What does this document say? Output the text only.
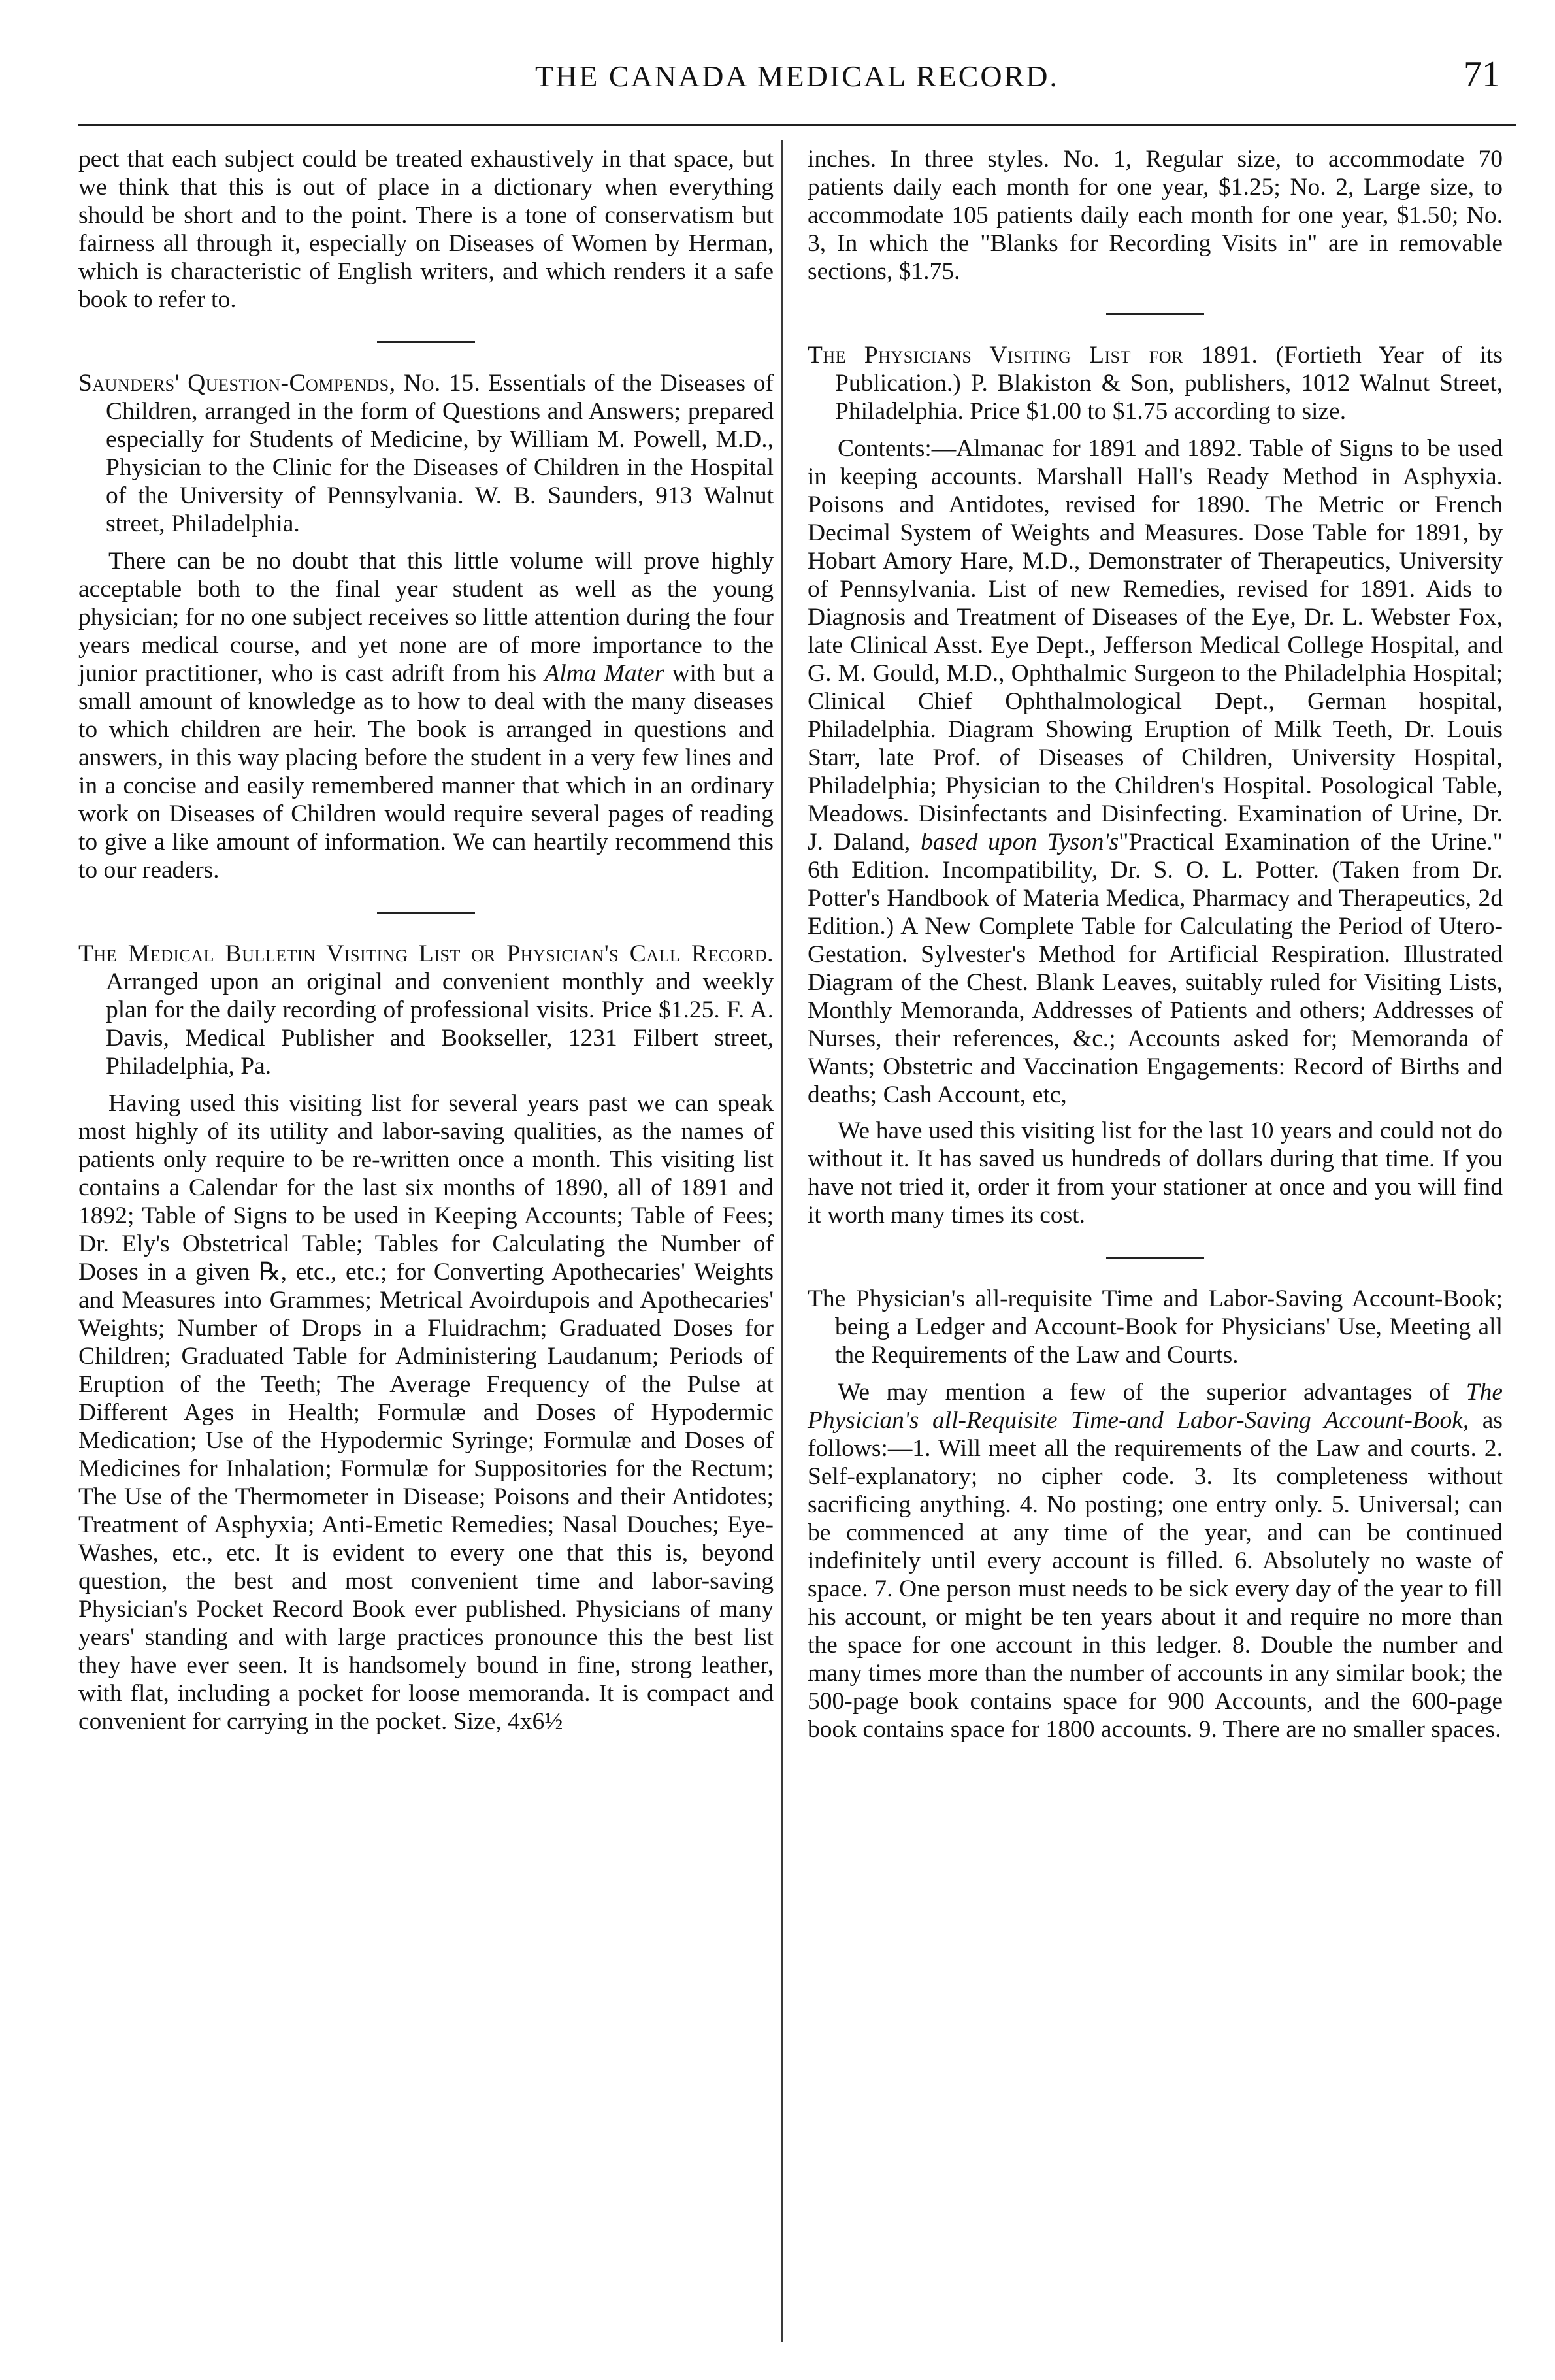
THE CANADA MEDICAL RECORD.	71

pect that each subject could be treated exhaustively in that space, but we think that this is out of place in a dictionary when everything should be short and to the point. There is a tone of conservatism but fairness all through it, especially on Diseases of Women by Herman, which is characteristic of English writers, and which renders it a safe book to refer to.

Saunders' Question-Compends, No. 15. Essentials of the Diseases of Children, arranged in the form of Questions and Answers; prepared especially for Students of Medicine, by William M. Powell, M.D., Physician to the Clinic for the Diseases of Children in the Hospital of the University of Pennsylvania. W. B. Saunders, 913 Walnut street, Philadelphia.

There can be no doubt that this little volume will prove highly acceptable both to the final year student as well as the young physician; for no one subject receives so little attention during the four years medical course, and yet none are of more importance to the junior practitioner, who is cast adrift from his Alma Mater with but a small amount of knowledge as to how to deal with the many diseases to which children are heir. The book is arranged in questions and answers, in this way placing before the student in a very few lines and in a concise and easily remembered manner that which in an ordinary work on Diseases of Children would require several pages of reading to give a like amount of information. We can heartily recommend this to our readers.

The Medical Bulletin Visiting List or Physician's Call Record. Arranged upon an original and convenient monthly and weekly plan for the daily recording of professional visits. Price $1.25. F. A. Davis, Medical Publisher and Bookseller, 1231 Filbert street, Philadelphia, Pa.

Having used this visiting list for several years past we can speak most highly of its utility and labor-saving qualities, as the names of patients only require to be re-written once a month. This visiting list contains a Calendar for the last six months of 1890, all of 1891 and 1892; Table of Signs to be used in Keeping Accounts; Table of Fees; Dr. Ely's Obstetrical Table; Tables for Calculating the Number of Doses in a given ℞, etc., etc.; for Converting Apothecaries' Weights and Measures into Grammes; Metrical Avoirdupois and Apothecaries' Weights; Number of Drops in a Fluidrachm; Graduated Doses for Children; Graduated Table for Administering Laudanum; Periods of Eruption of the Teeth; The Average Frequency of the Pulse at Different Ages in Health; Formulæ and Doses of Hypodermic Medication; Use of the Hypodermic Syringe; Formulæ and Doses of Medicines for Inhalation; Formulæ for Suppositories for the Rectum; The Use of the Thermometer in Disease; Poisons and their Antidotes; Treatment of Asphyxia; Anti-Emetic Remedies; Nasal Douches; Eye-Washes, etc., etc. It is evident to every one that this is, beyond question, the best and most convenient time and labor-saving Physician's Pocket Record Book ever published. Physicians of many years' standing and with large practices pronounce this the best list they have ever seen. It is handsomely bound in fine, strong leather, with flat, including a pocket for loose memoranda. It is compact and convenient for carrying in the pocket. Size, 4x6½

inches. In three styles. No. 1, Regular size, to accommodate 70 patients daily each month for one year, $1.25; No. 2, Large size, to accommodate 105 patients daily each month for one year, $1.50; No. 3, In which the "Blanks for Recording Visits in" are in removable sections, $1.75.

The Physicians Visiting List for 1891. (Fortieth Year of its Publication.) P. Blakiston & Son, publishers, 1012 Walnut Street, Philadelphia. Price $1.00 to $1.75 according to size.

Contents:—Almanac for 1891 and 1892. Table of Signs to be used in keeping accounts. Marshall Hall's Ready Method in Asphyxia. Poisons and Antidotes, revised for 1890. The Metric or French Decimal System of Weights and Measures. Dose Table for 1891, by Hobart Amory Hare, M.D., Demonstrater of Therapeutics, University of Pennsylvania. List of new Remedies, revised for 1891. Aids to Diagnosis and Treatment of Diseases of the Eye, Dr. L. Webster Fox, late Clinical Asst. Eye Dept., Jefferson Medical College Hospital, and G. M. Gould, M.D., Ophthalmic Surgeon to the Philadelphia Hospital; Clinical Chief Ophthalmological Dept., German hospital, Philadelphia. Diagram Showing Eruption of Milk Teeth, Dr. Louis Starr, late Prof. of Diseases of Children, University Hospital, Philadelphia; Physician to the Children's Hospital. Posological Table, Meadows. Disinfectants and Disinfecting. Examination of Urine, Dr. J. Daland, based upon Tyson's"Practical Examination of the Urine." 6th Edition. Incompatibility, Dr. S. O. L. Potter. (Taken from Dr. Potter's Handbook of Materia Medica, Pharmacy and Therapeutics, 2d Edition.) A New Complete Table for Calculating the Period of Utero-Gestation. Sylvester's Method for Artificial Respiration. Illustrated Diagram of the Chest. Blank Leaves, suitably ruled for Visiting Lists, Monthly Memoranda, Addresses of Patients and others; Addresses of Nurses, their references, &c.; Accounts asked for; Memoranda of Wants; Obstetric and Vaccination Engagements: Record of Births and deaths; Cash Account, etc,

We have used this visiting list for the last 10 years and could not do without it. It has saved us hundreds of dollars during that time. If you have not tried it, order it from your stationer at once and you will find it worth many times its cost.

The Physician's all-requisite Time and Labor-Saving Account-Book; being a Ledger and Account-Book for Physicians' Use, Meeting all the Requirements of the Law and Courts.

We may mention a few of the superior advantages of The Physician's all-Requisite Time-and Labor-Saving Account-Book, as follows:—1. Will meet all the requirements of the Law and courts. 2. Self-explanatory; no cipher code. 3. Its completeness without sacrificing anything. 4. No posting; one entry only. 5. Universal; can be commenced at any time of the year, and can be continued indefinitely until every account is filled. 6. Absolutely no waste of space. 7. One person must needs to be sick every day of the year to fill his account, or might be ten years about it and require no more than the space for one account in this ledger. 8. Double the number and many times more than the number of accounts in any similar book; the 500-page book contains space for 900 Accounts, and the 600-page book contains space for 1800 accounts. 9. There are no smaller spaces.
